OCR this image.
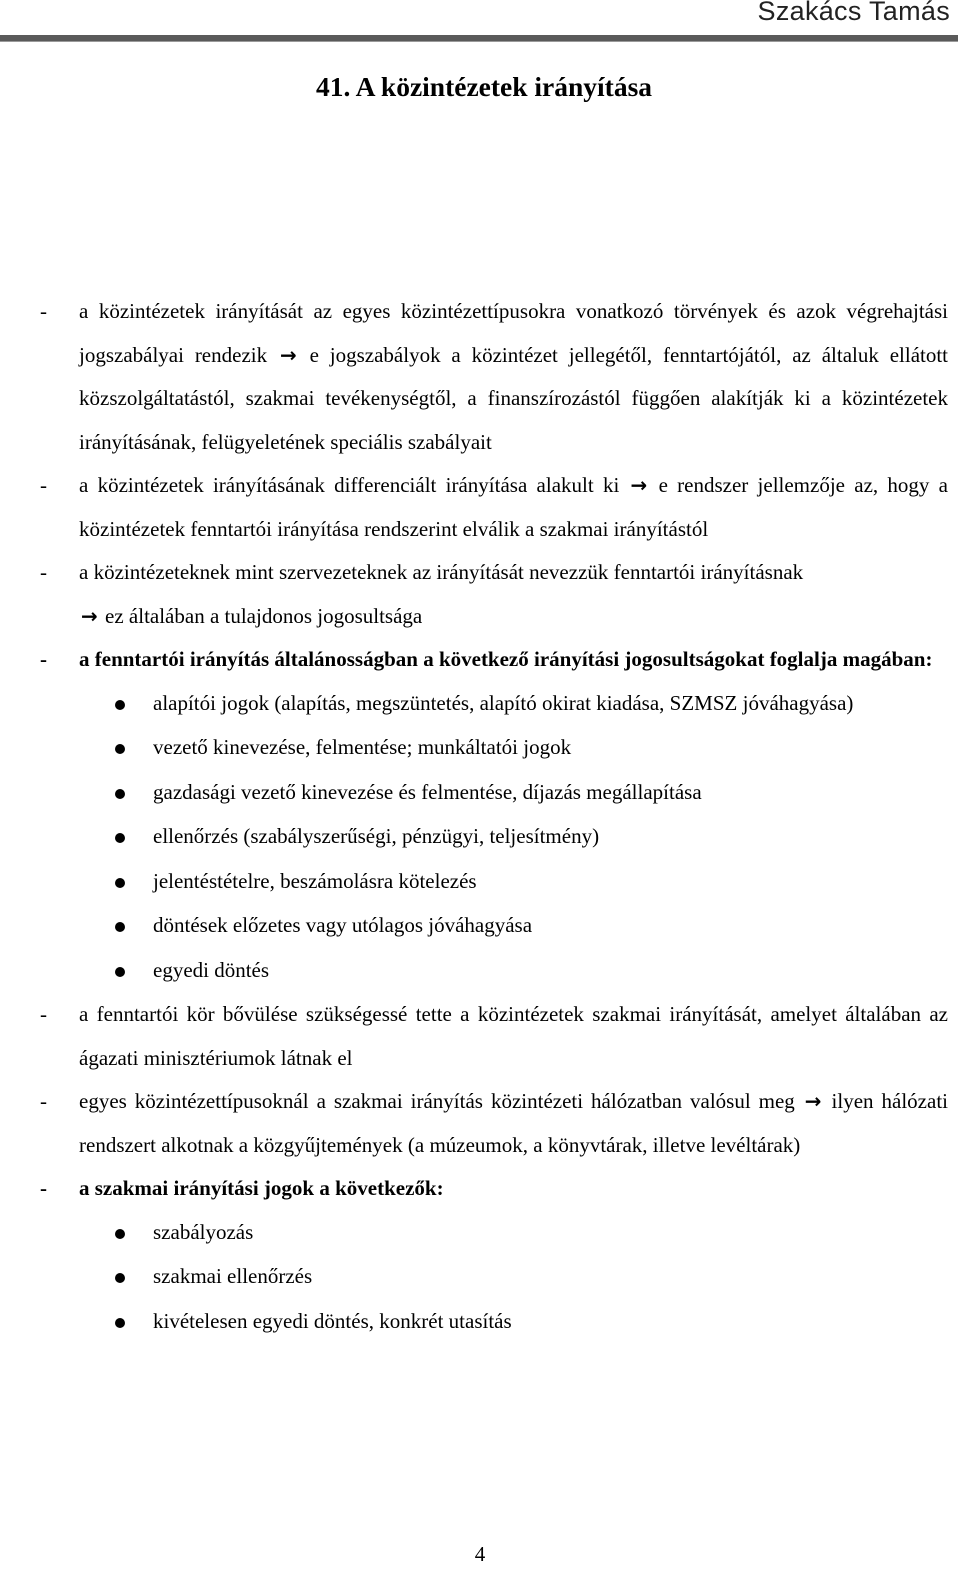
Szakács Tamás
41. A közintézetek irányítása
- a közintézetek irányítását az egyes közintézettípusokra vonatkozó törvények és azok végrehajtási jogszabályai rendezik → e jogszabályok a közintézet jellegétől, fenntartójától, az általuk ellátott közszolgáltatástól, szakmai tevékenységtől, a finanszírozástól függően alakítják ki a közintézetek irányításának, felügyeletének speciális szabályait
- a közintézetek irányításának differenciált irányítása alakult ki → e rendszer jellemzője az, hogy a közintézetek fenntartói irányítása rendszerint elválik a szakmai irányítástól
- a közintézeteknek mint szervezeteknek az irányítását nevezzük fenntartói irányításnak
→ ez általában a tulajdonos jogosultsága
- a fenntartói irányítás általánosságban a következő irányítási jogosultságokat foglalja magában:
alapítói jogok (alapítás, megszüntetés, alapító okirat kiadása, SZMSZ jóváhagyása)
vezető kinevezése, felmentése; munkáltatói jogok
gazdasági vezető kinevezése és felmentése, díjazás megállapítása
ellenőrzés (szabályszerűségi, pénzügyi, teljesítmény)
jelentéstételre, beszámolásra kötelezés
döntések előzetes vagy utólagos jóváhagyása
egyedi döntés
- a fenntartói kör bővülése szükségessé tette a közintézetek szakmai irányítását, amelyet általában az ágazati minisztériumok látnak el
- egyes közintézettípusoknál a szakmai irányítás közintézeti hálózatban valósul meg → ilyen hálózati rendszert alkotnak a közgyűjtemények (a múzeumok, a könyvtárak, illetve levéltárak)
- a szakmai irányítási jogok a következők:
szabályozás
szakmai ellenőrzés
kivételesen egyedi döntés, konkrét utasítás
4
